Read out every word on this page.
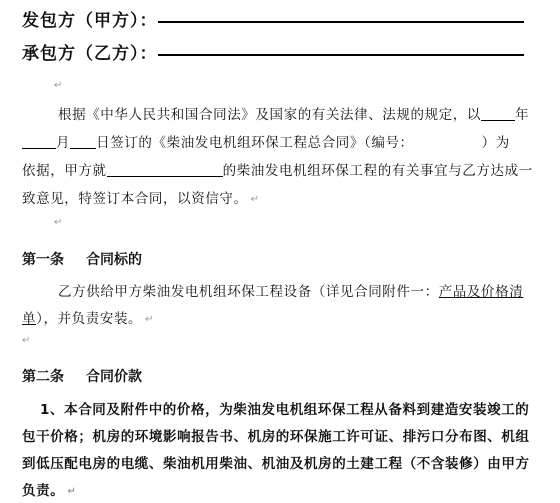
发包方（甲方）：
承包方（乙方）：
↵
根据《中华人民共和国合同法》及国家的有关法律、法规的规定，以	年
月 日签订的《柴油发电机组环保工程总合同》（编号：	）为
依据，甲方就	的柴油发电机组环保工程的有关事宜与乙方达成一
致意见，特签订本合同，以资信守。 ↵
↵
第一条 合同标的
乙方供给甲方柴油发电机组环保工程设备（详见合同附件一：产品及价格清
单），并负责安装。 ↵
↵
第二条 合同价款
1、本合同及附件中的价格，为柴油发电机组环保工程从备料到建造安装竣工的
包干价格；机房的环境影响报告书、机房的环保施工许可证、排污口分布图、机组
到低压配电房的电缆、柴油机用柴油、机油及机房的土建工程（不含装修）由甲方
负责。 ↵
